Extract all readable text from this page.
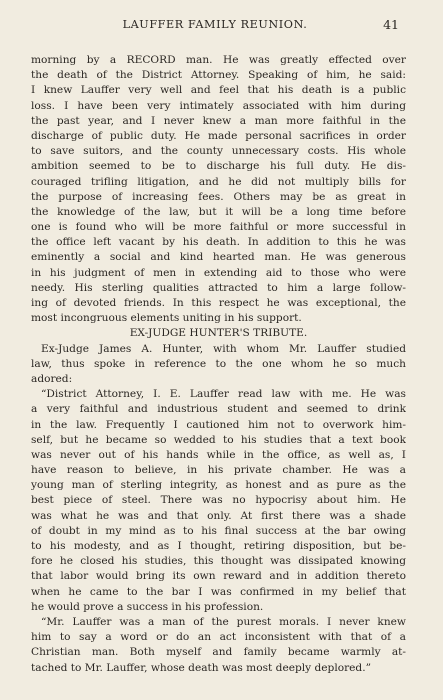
LAUFFER FAMILY REUNION.	41
morning by a RECORD man. He was greatly effected over
the death of the District Attorney. Speaking of him, he said:
I knew Lauffer very well and feel that his death is a public
loss. I have been very intimately associated with him during
the past year, and I never knew a man more faithful in the
discharge of public duty. He made personal sacrifices in order
to save suitors, and the county unnecessary costs. His whole
ambition seemed to be to discharge his full duty. He dis-
couraged trifling litigation, and he did not multiply bills for
the purpose of increasing fees. Others may be as great in
the knowledge of the law, but it will be a long time before
one is found who will be more faithful or more successful in
the office left vacant by his death. In addition to this he was
eminently a social and kind hearted man. He was generous
in his judgment of men in extending aid to those who were
needy. His sterling qualities attracted to him a large follow-
ing of devoted friends. In this respect he was exceptional, the
most incongruous elements uniting in his support.
EX-JUDGE HUNTER'S TRIBUTE.
Ex-Judge James A. Hunter, with whom Mr. Lauffer studied
law, thus spoke in reference to the one whom he so much
adored:
“District Attorney, I. E. Lauffer read law with me. He was
a very faithful and industrious student and seemed to drink
in the law. Frequently I cautioned him not to overwork him-
self, but he became so wedded to his studies that a text book
was never out of his hands while in the office, as well as, I
have reason to believe, in his private chamber. He was a
young man of sterling integrity, as honest and as pure as the
best piece of steel. There was no hypocrisy about him. He
was what he was and that only. At first there was a shade
of doubt in my mind as to his final success at the bar owing
to his modesty, and as I thought, retiring disposition, but be-
fore he closed his studies, this thought was dissipated knowing
that labor would bring its own reward and in addition thereto
when he came to the bar I was confirmed in my belief that
he would prove a success in his profession.
“Mr. Lauffer was a man of the purest morals. I never knew
him to say a word or do an act inconsistent with that of a
Christian man. Both myself and family became warmly at-
tached to Mr. Lauffer, whose death was most deeply deplored.”
